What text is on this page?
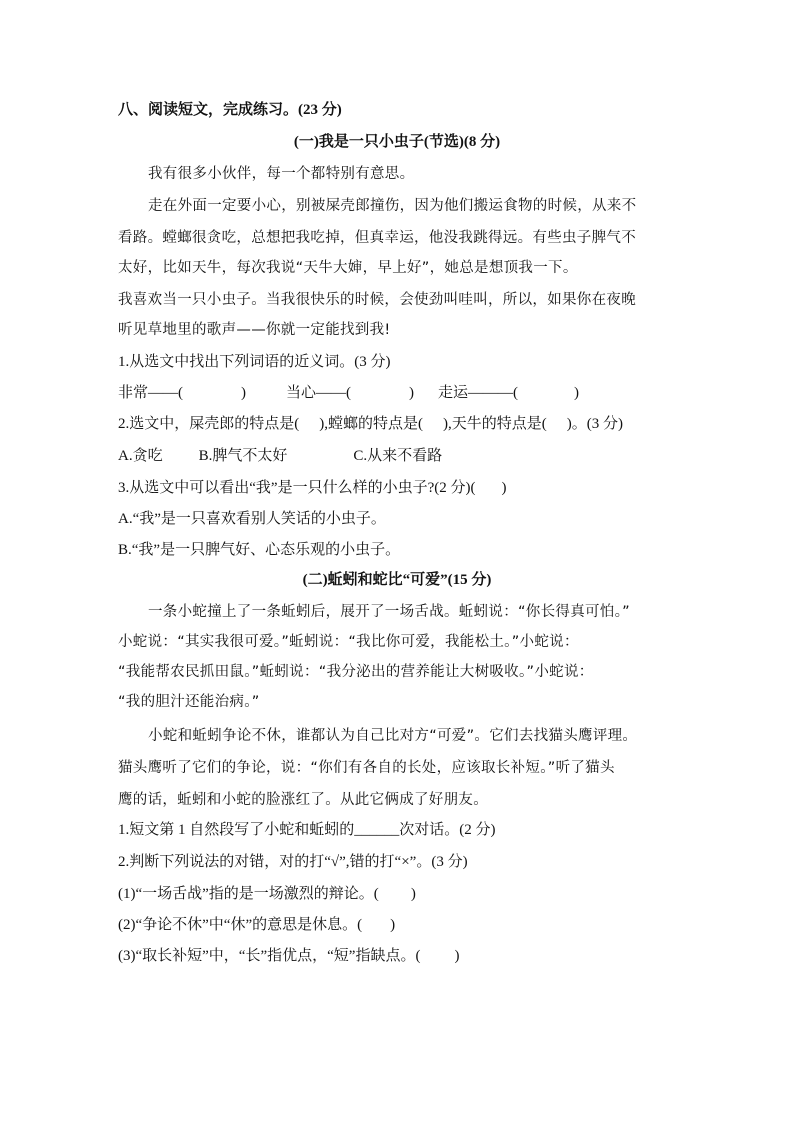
八、阅读短文，完成练习。(23 分)
(一)我是一只小虫子(节选)(8 分)
我有很多小伙伴，每一个都特别有意思。
走在外面一定要小心，别被屎壳郎撞伤，因为他们搬运食物的时候，从来不
看路。螳螂很贪吃，总想把我吃掉，但真幸运，他没我跳得远。有些虫子脾气不
太好，比如天牛，每次我说“天牛大婶，早上好”，她总是想顶我一下。
我喜欢当一只小虫子。当我很快乐的时候，会使劲叫哇叫，所以，如果你在夜晚
听见草地里的歌声——你就一定能找到我!
1.从选文中找出下列词语的近义词。(3 分)
非常——(	)	当心——(	) 走运———(	)
2.选文中，屎壳郎的特点是( ),螳螂的特点是( ),天牛的特点是( )。(3 分)
A.贪吃 B.脾气不太好	C.从来不看路
3.从选文中可以看出“我”是一只什么样的小虫子?(2 分)( )
A.“我”是一只喜欢看别人笑话的小虫子。
B.“我”是一只脾气好、心态乐观的小虫子。
(二)蚯蚓和蛇比“可爱”(15 分)
一条小蛇撞上了一条蚯蚓后，展开了一场舌战。蚯蚓说：“你长得真可怕。”
小蛇说：“其实我很可爱。”蚯蚓说：“我比你可爱，我能松土。”小蛇说：
“我能帮农民抓田鼠。”蚯蚓说：“我分泌出的营养能让大树吸收。”小蛇说：
“我的胆汁还能治病。”
小蛇和蚯蚓争论不休，谁都认为自己比对方“可爱”。它们去找猫头鹰评理。
猫头鹰听了它们的争论，说：“你们有各自的长处，应该取长补短。”听了猫头
鹰的话，蚯蚓和小蛇的脸涨红了。从此它俩成了好朋友。
1.短文第 1 自然段写了小蛇和蚯蚓的______次对话。(2 分)
2.判断下列说法的对错，对的打“√”,错的打“×”。(3 分)
(1)“一场舌战”指的是一场激烈的辩论。( )
(2)“争论不休”中“休”的意思是休息。( )
(3)“取长补短”中，“长”指优点，“短”指缺点。( )
